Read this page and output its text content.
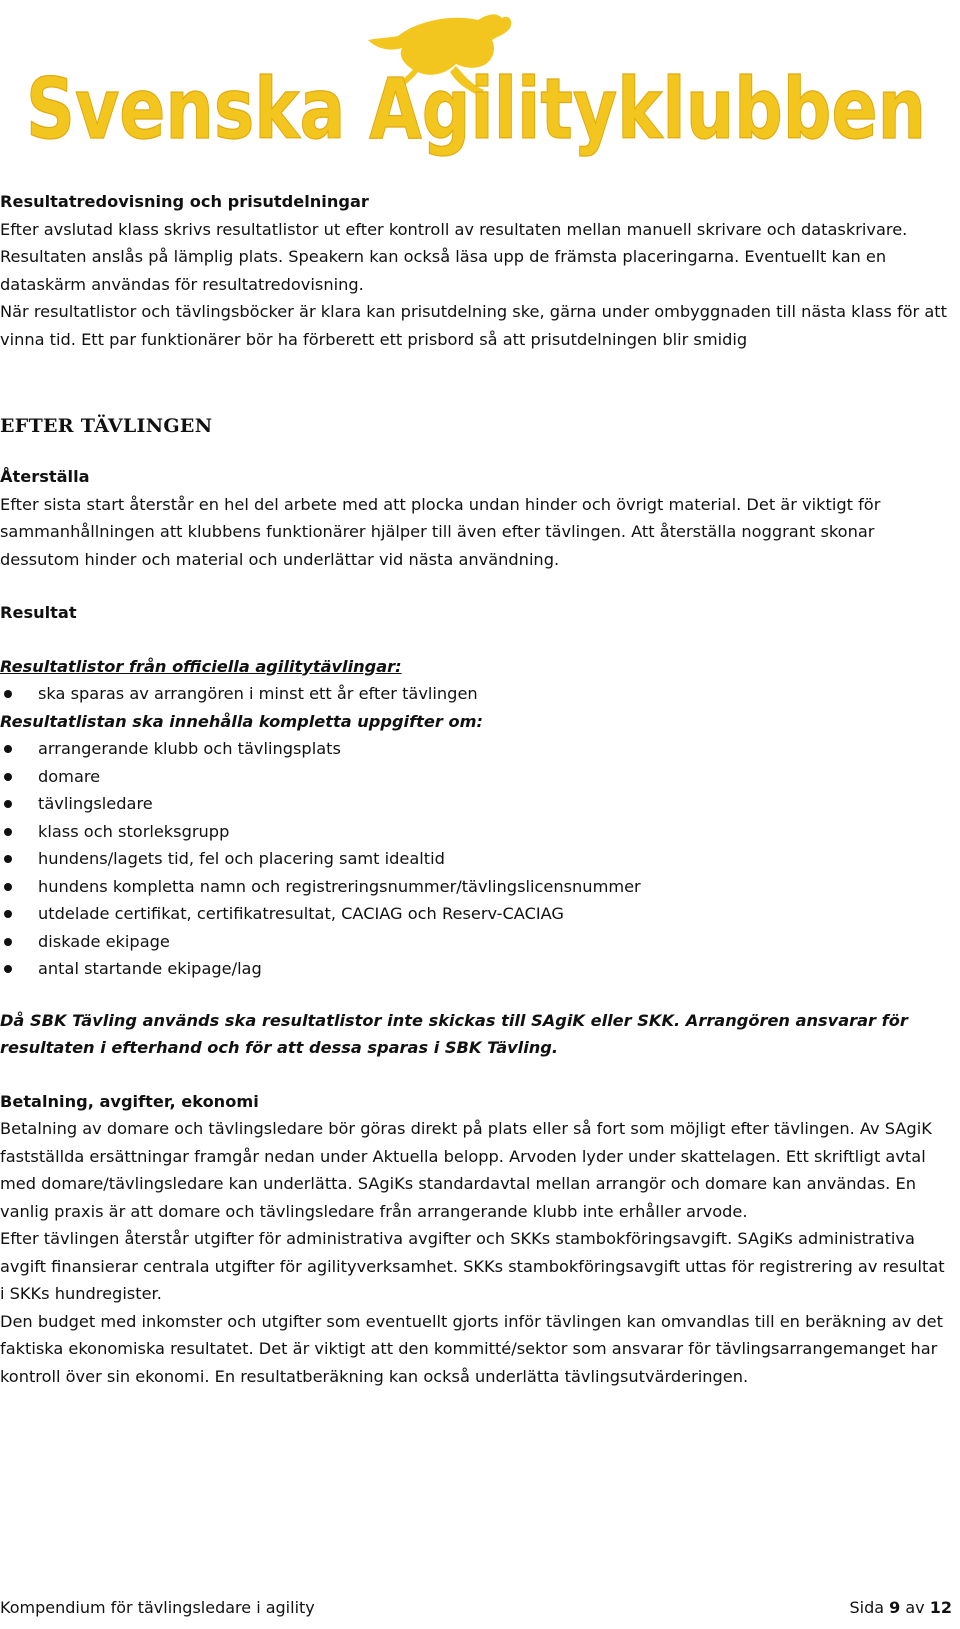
Svenska Agilityklubben
Resultatredovisning och prisutdelningar

Efter avslutad klass skrivs resultatlistor ut efter kontroll av resultaten mellan manuell skrivare och dataskrivare. Resultaten anslås på lämplig plats. Speakern kan också läsa upp de främsta placeringarna. Eventuellt kan en dataskärm användas för resultatredovisning.

När resultatlistor och tävlingsböcker är klara kan prisutdelning ske, gärna under ombyggnaden till nästa klass för att vinna tid. Ett par funktionärer bör ha förberett ett prisbord så att prisutdelningen blir smidig

EFTER TÄVLINGEN
Återställa

Efter sista start återstår en hel del arbete med att plocka undan hinder och övrigt material. Det är viktigt för sammanhållningen att klubbens funktionärer hjälper till även efter tävlingen. Att återställa noggrant skonar dessutom hinder och material och underlättar vid nästa användning.

Resultat
Resultatlistor från officiella agilitytävlingar:
ska sparas av arrangören i minst ett år efter tävlingen
Resultatlistan ska innehålla kompletta uppgifter om:
arrangerande klubb och tävlingsplats
domare
tävlingsledare
klass och storleksgrupp
hundens/lagets tid, fel och placering samt idealtid
hundens kompletta namn och registreringsnummer/tävlingslicensnummer
utdelade certifikat, certifikatresultat, CACIAG och Reserv-CACIAG
diskade ekipage
antal startande ekipage/lag

Då SBK Tävling används ska resultatlistor inte skickas till SAgiK eller SKK. Arrangören ansvarar för resultaten i efterhand och för att dessa sparas i SBK Tävling.

Betalning, avgifter, ekonomi

Betalning av domare och tävlingsledare bör göras direkt på plats eller så fort som möjligt efter tävlingen. Av SAgiK fastställda ersättningar framgår nedan under Aktuella belopp. Arvoden lyder under skattelagen. Ett skriftligt avtal med domare/tävlingsledare kan underlätta. SAgiKs standardavtal mellan arrangör och domare kan användas. En vanlig praxis är att domare och tävlingsledare från arrangerande klubb inte erhåller arvode.

Efter tävlingen återstår utgifter för administrativa avgifter och SKKs stambokföringsavgift. SAgiKs administrativa avgift finansierar centrala utgifter för agilityverksamhet. SKKs stambokföringsavgift uttas för registrering av resultat i SKKs hundregister.

Den budget med inkomster och utgifter som eventuellt gjorts inför tävlingen kan omvandlas till en beräkning av det faktiska ekonomiska resultatet. Det är viktigt att den kommitté/sektor som ansvarar för tävlingsarrangemanget har kontroll över sin ekonomi. En resultatberäkning kan också underlätta tävlingsutvärderingen.

Kompendium för tävlingsledare i agility	Sida 9 av 12
